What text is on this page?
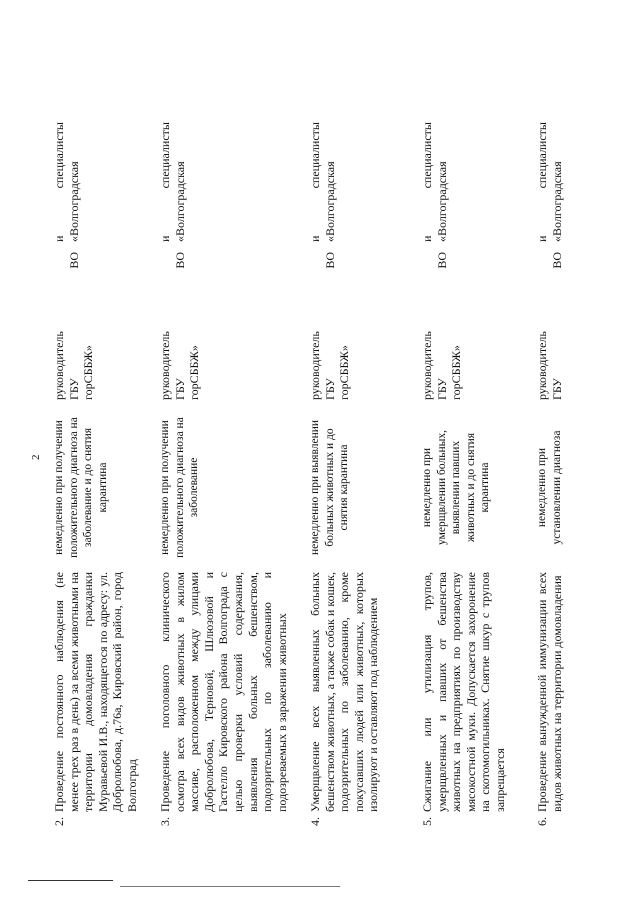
2
2.
Проведение постоянного наблюдения (не менее трех раз в день) за всеми животными на территории домовладения гражданки Муравьевой И.В., находящегося по адресу: ул. Добролюбова, д.76а, Кировский район, город Волгоград
немедленно при получении положительного диагноза на заболевание и до снятия карантина
руководитель ГБУ
ВО
горСББЖ»
и
специалисты
«Волгоградская
3.
Проведение поголовного клинического осмотра всех видов животных в жилом массиве, расположенном между улицами Добролюбова, Терновой, Шлюзовой и Гастелло Кировского района Волгограда с целью проверки условий содержания, выявления больных бешенством, подозрительных по заболеванию и подозреваемых в заражении животных
немедленно при получении положительного диагноза на заболевание
руководитель ГБУ
ВО
горСББЖ»
и
специалисты
«Волгоградская
4.
Умерщвление всех выявленных больных бешенством животных, а также собак и кошек, подозрительных по заболеванию, кроме покусавших людей или животных, которых изолируют и оставляют под наблюдением
немедленно при выявлении больных животных и до снятия карантина
руководитель ГБУ
ВО
горСББЖ»
и
специалисты
«Волгоградская
5.
Сжигание или утилизация трупов, умерщвленных и павших от бешенства животных на предприятиях по производству мясокостной муки. Допускается захоронение на скотомогильниках. Снятие шкур с трупов запрещается
немедленно при умерщвлении больных, выявлении павших животных и до снятия карантина
руководитель ГБУ
ВО
горСББЖ»
и
специалисты
«Волгоградская
6.
Проведение вынужденной иммунизации всех видов животных на территории домовладения
немедленно при установлении диагноза
руководитель ГБУ
ВО
и
специалисты
«Волгоградская
